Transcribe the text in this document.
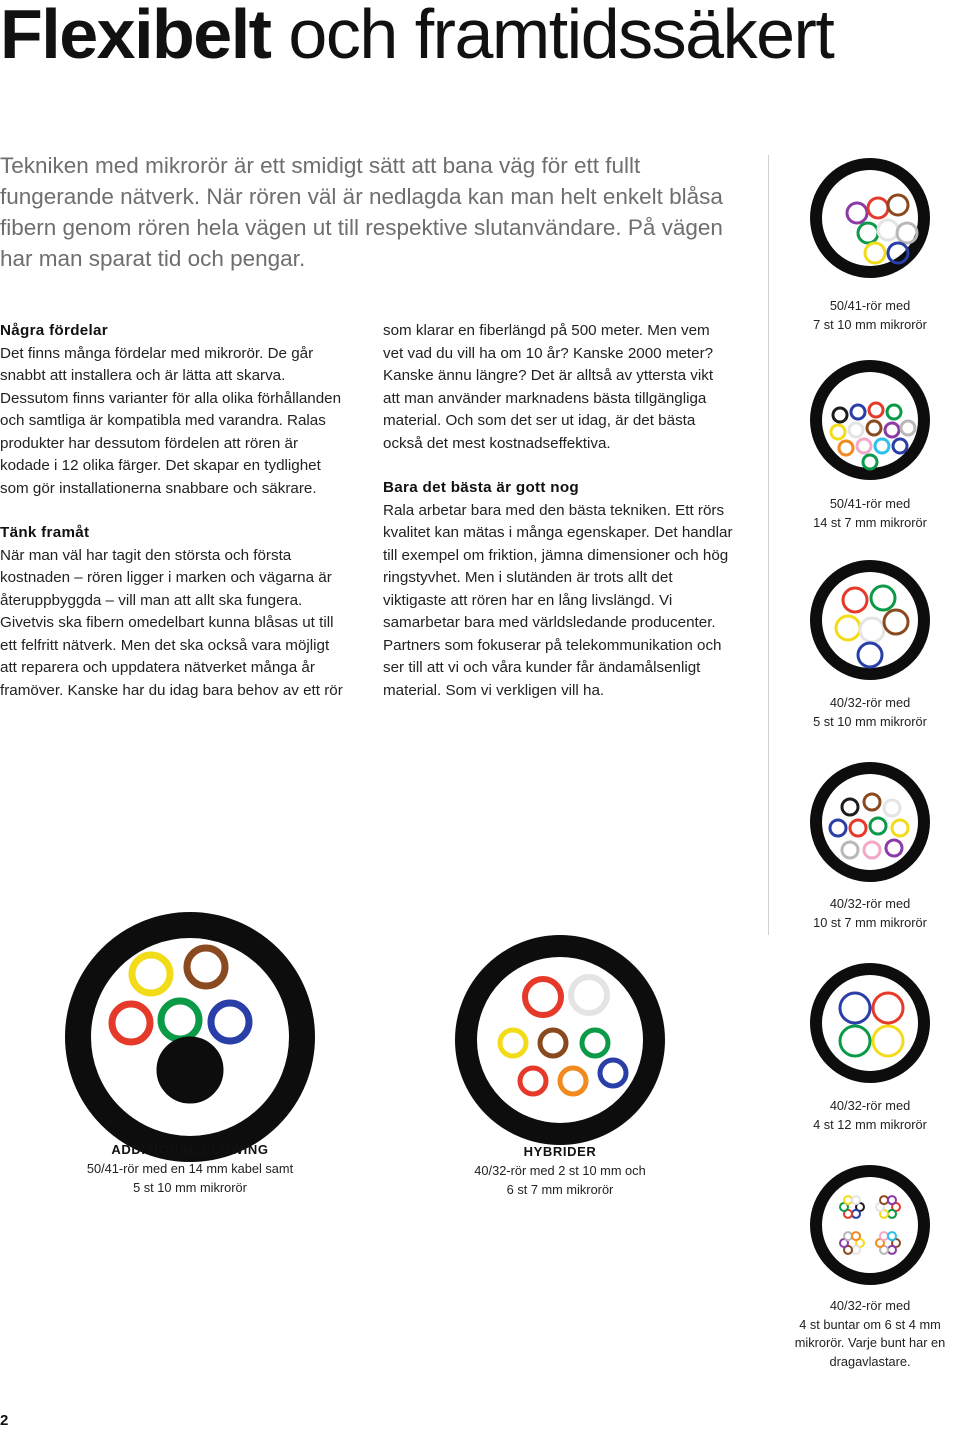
Flexibelt och framtidssäkert

Tekniken med mikrorör är ett smidigt sätt att bana väg för ett fullt fungerande nätverk. När rören väl är nedlagda kan man helt enkelt blåsa fibern genom rören hela vägen ut till respektive slutanvändare. På vägen har man sparat tid och pengar.

Några fördelar

Det finns många fördelar med mikrorör. De går snabbt att installera och är lätta att skarva. Dessutom finns varianter för alla olika förhållanden och samtliga är kompatibla med varandra. Ralas produkter har dessutom fördelen att rören är kodade i 12 olika färger. Det skapar en tydlighet som gör installationerna snabbare och säkrare.

Tänk framåt

När man väl har tagit den största och första kostnaden – rören ligger i marken och vägarna är återuppbyggda – vill man att allt ska fungera. Givetvis ska fibern omedelbart kunna blåsas ut till ett felfritt nätverk. Men det ska också vara möjligt att reparera och uppdatera nätverket många år framöver. Kanske har du idag bara behov av ett rör

som klarar en fiberlängd på 500 meter. Men vem vet vad du vill ha om 10 år? Kanske 2000 meter? Kanske ännu längre? Det är alltså av yttersta vikt att man använder marknadens bästa tillgängliga material. Och som det ser ut idag, är det bästa också det mest kostnadseffektiva.

Bara det bästa är gott nog

Rala arbetar bara med den bästa tekniken. Ett rörs kvalitet kan mätas i många egenskaper. Det handlar till exempel om friktion, jämna dimensioner och hög ringstyvhet. Men i slutänden är trots allt det viktigaste att rören har en lång livslängd. Vi samarbetar bara med världsledande producenter. Partners som fokuserar på telekommunikation och ser till att vi och våra kunder får ändamålsenligt material. Som vi verkligen vill ha.

50/41-rör med
7 st 10 mm mikrorör
50/41-rör med
14 st 7 mm mikrorör
40/32-rör med
5 st 10 mm mikrorör
40/32-rör med
10 st 7 mm mikrorör
40/32-rör med
4 st 12 mm mikrorör
40/32-rör med
4 st buntar om 6 st 4 mm
mikrorör. Varje bunt har en
dragavlastare.
ADDITIONAL BLOWING
50/41-rör med en 14 mm kabel samt
5 st 10 mm mikrorör
HYBRIDER
40/32-rör med 2 st 10 mm och
6 st 7 mm mikrorör
2
